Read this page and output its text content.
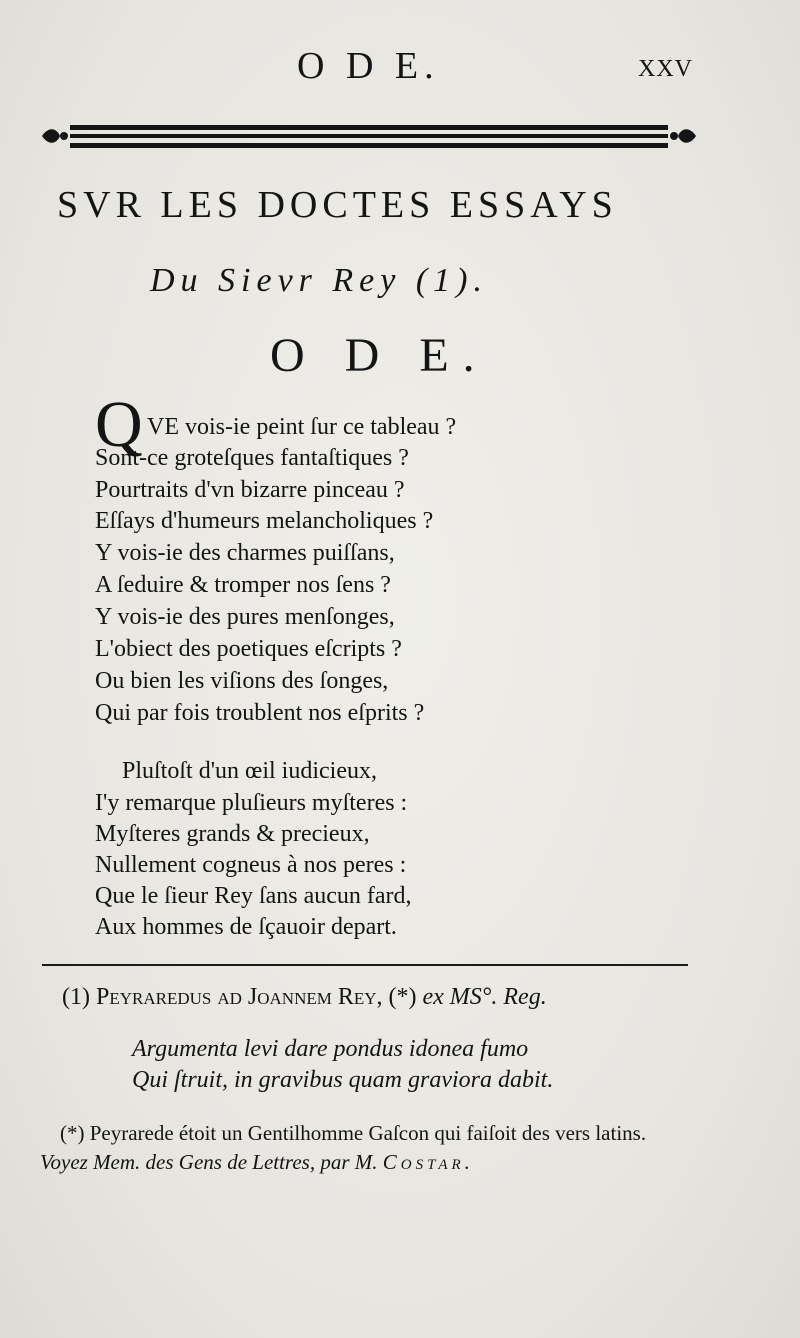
O D E.	XXV
SVR LES DOCTES ESSAYS
Du Sievr Rey (1).
O D E.
Q VE vois-ie peint ſur ce tableau ?
Sont-ce groteſques fantaſtiques ?
Pourtraits d'vn bizarre pinceau ?
Eſſays d'humeurs melancholiques ?
Y vois-ie des charmes puiſſans,
A ſeduire & tromper nos ſens ?
Y vois-ie des pures menſonges,
L'obiect des poetiques eſcripts ?
Ou bien les viſions des ſonges,
Qui par fois troublent nos eſprits ?
Pluſtoſt d'un œil iudicieux,
I'y remarque pluſieurs myſteres :
Myſteres grands & precieux,
Nullement cogneus à nos peres :
Que le ſieur Rey ſans aucun fard,
Aux hommes de ſçauoir depart.
(1) Peyraredus ad Joannem Rey, (*) ex MS°. Reg.
Argumenta levi dare pondus idonea fumo
Qui ſtruit, in gravibus quam graviora dabit.
(*) Peyrarede étoit un Gentilhomme Gaſcon qui faiſoit des vers latins.
Voyez Mem. des Gens de Lettres, par M. Costar.
